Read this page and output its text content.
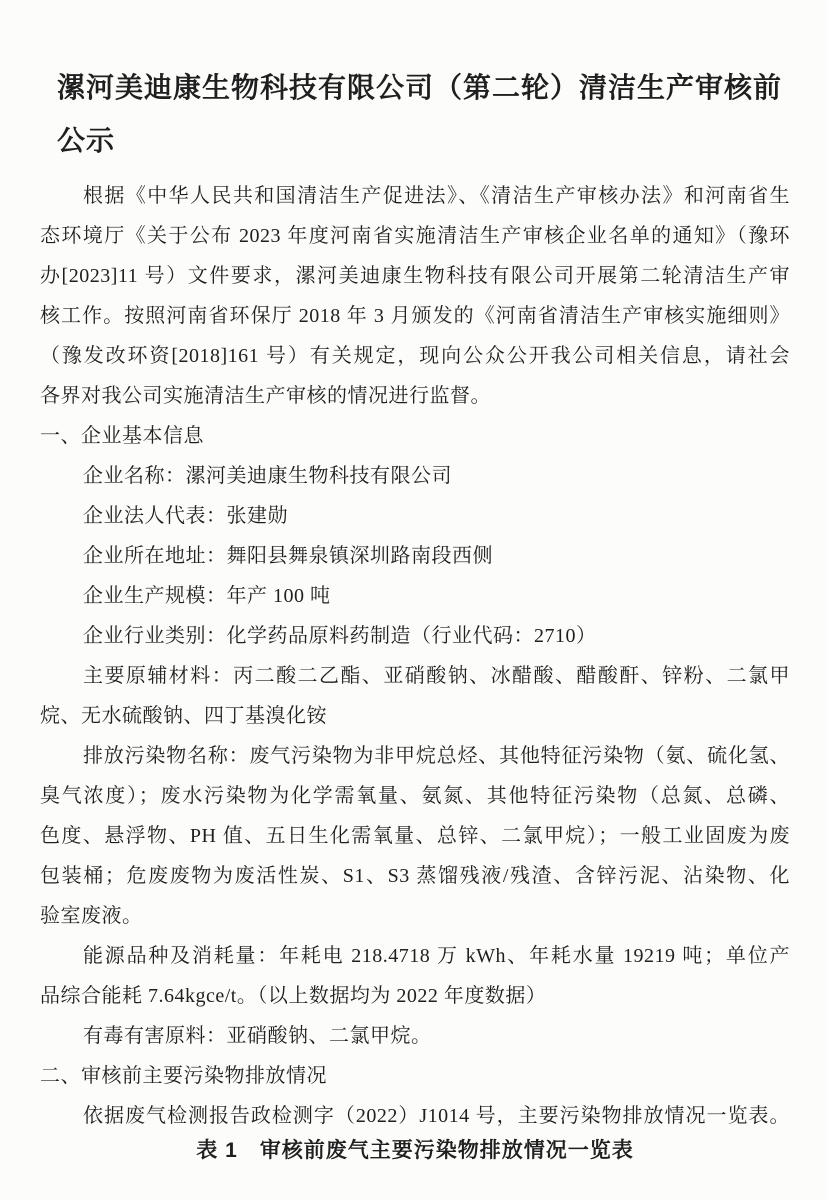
漯河美迪康生物科技有限公司（第二轮）清洁生产审核前
公示
根据《中华人民共和国清洁生产促进法》、《清洁生产审核办法》和河南省生
态环境厅《关于公布 2023 年度河南省实施清洁生产审核企业名单的通知》（豫环
办[2023]11 号）文件要求，漯河美迪康生物科技有限公司开展第二轮清洁生产审
核工作。按照河南省环保厅 2018 年 3 月颁发的《河南省清洁生产审核实施细则》
（豫发改环资[2018]161 号）有关规定，现向公众公开我公司相关信息，请社会
各界对我公司实施清洁生产审核的情况进行监督。
一、企业基本信息
企业名称：漯河美迪康生物科技有限公司
企业法人代表：张建勋
企业所在地址：舞阳县舞泉镇深圳路南段西侧
企业生产规模：年产 100 吨
企业行业类别：化学药品原料药制造（行业代码：2710）
主要原辅材料：丙二酸二乙酯、亚硝酸钠、冰醋酸、醋酸酐、锌粉、二氯甲
烷、无水硫酸钠、四丁基溴化铵
排放污染物名称：废气污染物为非甲烷总烃、其他特征污染物（氨、硫化氢、
臭气浓度）；废水污染物为化学需氧量、氨氮、其他特征污染物（总氮、总磷、
色度、悬浮物、PH 值、五日生化需氧量、总锌、二氯甲烷）；一般工业固废为废
包装桶；危废废物为废活性炭、S1、S3 蒸馏残液/残渣、含锌污泥、沾染物、化
验室废液。
能源品种及消耗量：年耗电 218.4718 万 kWh、年耗水量 19219 吨；单位产
品综合能耗 7.64kgce/t。（以上数据均为 2022 年度数据）
有毒有害原料：亚硝酸钠、二氯甲烷。
二、审核前主要污染物排放情况
依据废气检测报告政检测字（2022）J1014 号，主要污染物排放情况一览表。
表 1　审核前废气主要污染物排放情况一览表
